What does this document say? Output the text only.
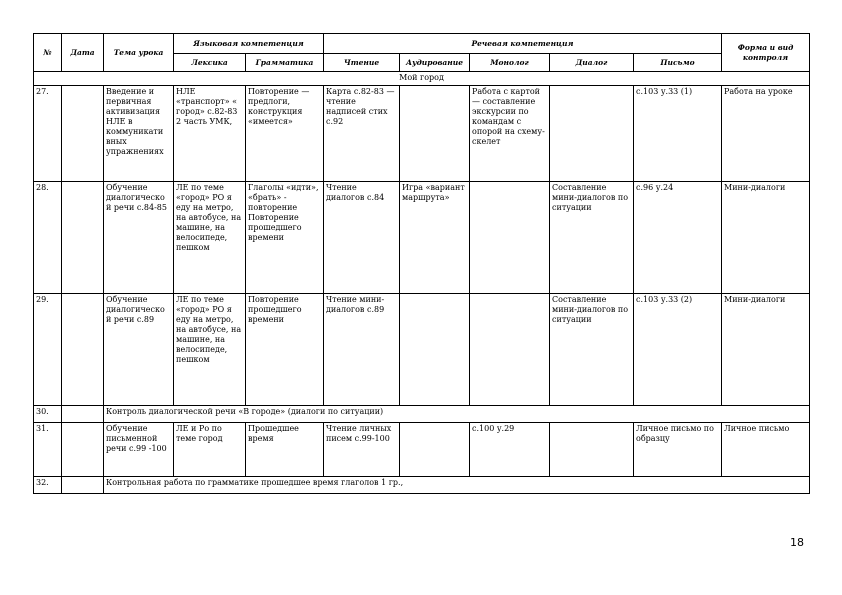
№	Дата	Тема урока	Языковая компетенция		Речевая компетенция					Форма и вид контроля
			Лексика	Грамматика	Чтение	Аудирование	Монолог	Диалог	Письмо	
Мой город										
27.		Введение и первичная активизация НЛЕ в коммуникати вных упражнениях	НЛЕ «транспорт» « город» с.82-83 2 часть УМК,	Повторение — предлоги, конструкция «имеется»	Карта с.82-83 — чтение надписей стих с.92		Работа с картой — составление экскурсии по командам с опорой на схему-скелет		с.103 у.33 (1)	Работа на уроке
28.		Обучение диалогическо й речи с.84-85	ЛЕ по теме «город» РО я еду на метро, на автобусе, на машине, на велосипеде, пешком	Глаголы «идти», «брать» - повторение Повторение прошедшего времени	Чтение диалогов с.84	Игра «вариант маршрута»		Составление мини-диалогов по ситуации	с.96 у.24	Мини-диалоги
29.		Обучение диалогическо й речи с.89	ЛЕ по теме «город» РО я еду на метро, на автобусе, на машине, на велосипеде, пешком	Повторение прошедшего времени	Чтение мини-диалогов с.89			Составление мини-диалогов по ситуации	с.103 у.33 (2)	Мини-диалоги
30.		Контроль диалогической речи «В городе» (диалоги по ситуации)								
31.		Обучение письменной речи с.99 -100	ЛЕ и Ро по теме город	Прошедшее время	Чтение личных писем с.99-100		с.100 у.29		Личное письмо по образцу	Личное письмо
32.		Контрольная работа по грамматике прошедшее время глаголов 1 гр.,								
18
